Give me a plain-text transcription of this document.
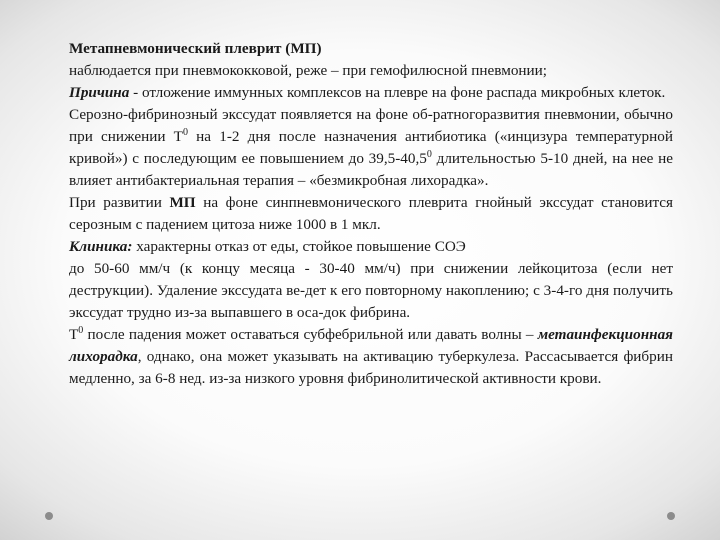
Метапневмонический плеврит (МП)

наблюдается при пневмококковой, реже – при гемофилюсной пневмонии;

Причина - отложение иммунных комплексов на плевре на фоне распада микробных клеток.

Серозно-фибринозный экссудат появляется на фоне об-ратногоразвития пневмонии, обычно при снижении $Т^0$ на 1-2 дня после назначения антибиотика («инцизура температурной кривой») с последующим ее повышением до 39,5-40,5$^0$ длительностью 5-10 дней, на нее не влияет антибактериальная терапия – «безмикробная лихорадка».

При развитии МП на фоне синпневмонического плеврита гнойный экссудат становится серозным с падением цитоза ниже 1000 в 1 мкл.

Клиника: характерны отказ от еды, стойкое повышение СОЭ

до 50-60 мм/ч (к концу месяца - 30-40 мм/ч) при снижении лейкоцитоза (если нет деструкции). Удаление экссудата ве-дет к его повторному накоплению; с 3-4-го дня получить экссудат трудно из-за выпавшего в оса-док фибрина.

$Т^0$ после падения может оставаться субфебрильной или давать волны – метаинфекционная лихорадка, однако, она может указывать на активацию туберкулеза. Рассасывается фибрин медленно, за 6-8 нед. из-за низкого уровня фибринолитической активности крови.
